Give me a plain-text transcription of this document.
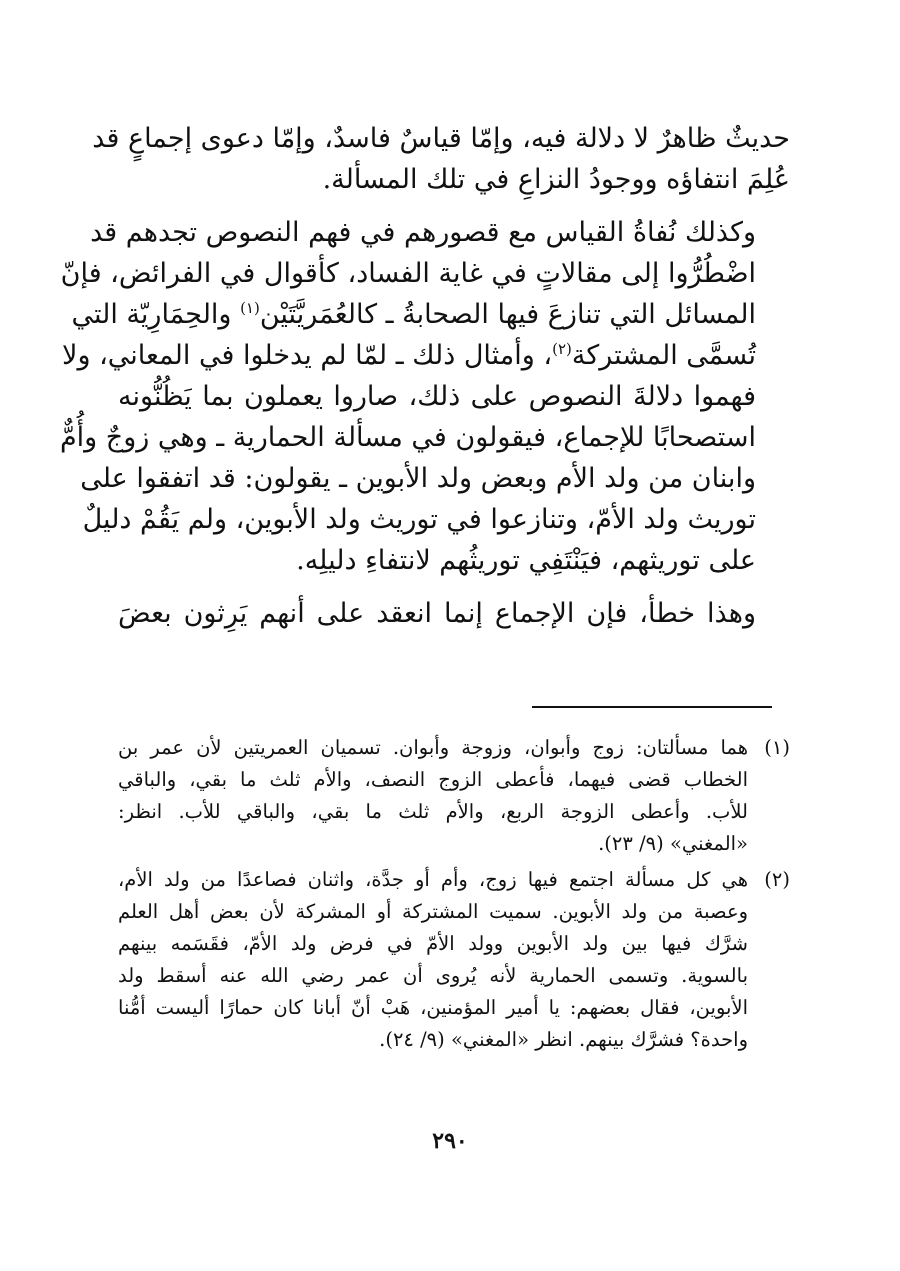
حديثٌ ظاهرٌ لا دلالة فيه، وإمّا قياسٌ فاسدٌ، وإمّا دعوى إجماعٍ قد
عُلِمَ انتفاؤه ووجودُ النزاعِ في تلك المسألة.

وكذلك نُفاةُ القياس مع قصورهم في فهم النصوص تجدهم قد
اضْطُرُّوا إلى مقالاتٍ في غاية الفساد، كأقوال في الفرائض، فإنّ
المسائل التي تنازعَ فيها الصحابةُ ـ كالعُمَريَّتَيْن$^{(١)}$ والحِمَارِيّة التي
تُسمَّى المشتركة$^{(٢)}$، وأمثال ذلك ـ لمّا لم يدخلوا في المعاني، ولا
فهموا دلالةَ النصوص على ذلك، صاروا يعملون بما يَظُنُّونه
استصحابًا للإجماع، فيقولون في مسألة الحمارية ـ وهي زوجٌ وأُمٌّ
وابنان من ولد الأم وبعض ولد الأبوين ـ يقولون: قد اتفقوا على
توريث ولد الأمّ، وتنازعوا في توريث ولد الأبوين، ولم يَقُمْ دليلٌ
على توريثهم، فيَنْتَفِي توريثُهم لانتفاءِ دليلِه.

وهذا خطأ، فإن الإجماع إنما انعقد على أنهم يَرِثون بعضَ

(١)
هما مسألتان: زوج وأبوان، وزوجة وأبوان. تسميان العمريتين لأن عمر بن
الخطاب قضى فيهما، فأعطى الزوج النصف، والأم ثلث ما بقي، والباقي
للأب. وأعطى الزوجة الربع، والأم ثلث ما بقي، والباقي للأب. انظر:
«المغني» (٩/ ٢٣).
(٢)
هي كل مسألة اجتمع فيها زوج، وأم أو جدَّة، واثنان فصاعدًا من ولد الأم،
وعصبة من ولد الأبوين. سميت المشتركة أو المشركة لأن بعض أهل العلم
شرَّك فيها بين ولد الأبوين وولد الأمّ في فرض ولد الأمّ، فقَسَمه بينهم
بالسوية. وتسمى الحمارية لأنه يُروى أن عمر رضي الله عنه أسقط ولد
الأبوين، فقال بعضهم: يا أمير المؤمنين، هَبْ أنّ أبانا كان حمارًا أليست أمُّنا
واحدة؟ فشرَّك بينهم. انظر «المغني» (٩/ ٢٤).
٢٩٠
